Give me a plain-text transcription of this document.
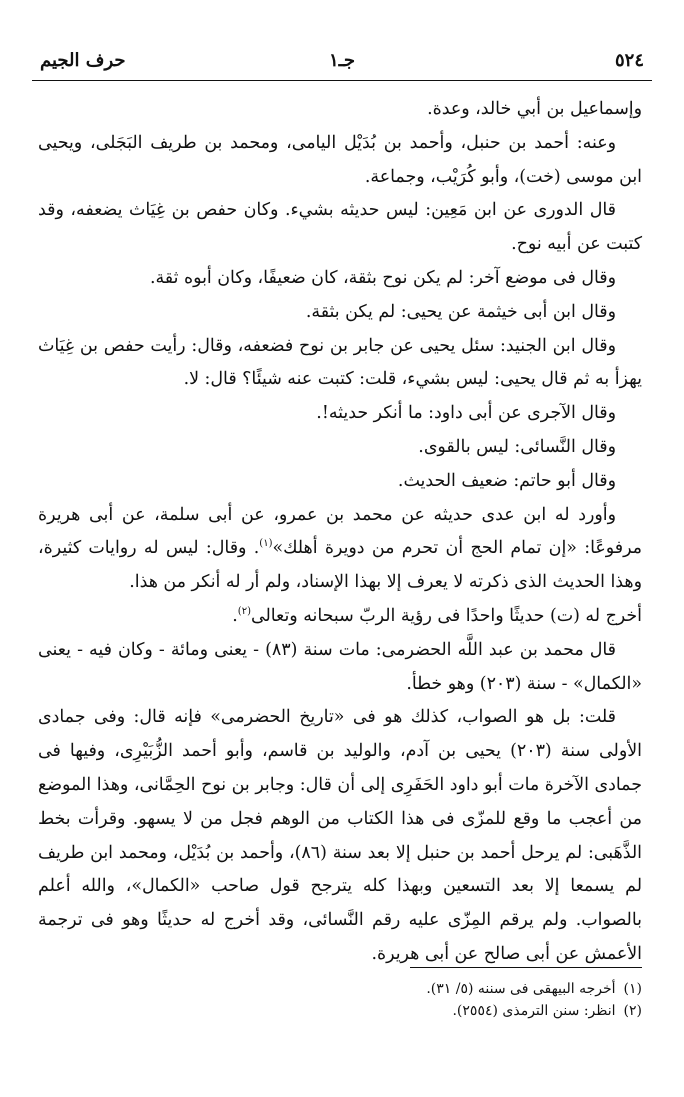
٥٢٤
جـ١
حرف الجيم

وإسماعيل بن أبي خالد، وعدة.

وعنه: أحمد بن حنبل، وأحمد بن بُدَيْل اليامى، ومحمد بن طريف البَجَلى، ويحيى ابن موسى (خت)، وأبو كُرَيْب، وجماعة.

قال الدورى عن ابن مَعِين: ليس حديثه بشيء. وكان حفص بن غِيَاث يضعفه، وقد كتبت عن أبيه نوح.

وقال فى موضع آخر: لم يكن نوح بثقة، كان ضعيفًا، وكان أبوه ثقة.

وقال ابن أبى خيثمة عن يحيى: لم يكن بثقة.

وقال ابن الجنيد: سئل يحيى عن جابر بن نوح فضعفه، وقال: رأيت حفص بن غِيَاث يهزأ به ثم قال يحيى: ليس بشيء، قلت: كتبت عنه شيئًا؟ قال: لا.

وقال الآجرى عن أبى داود: ما أنكر حديثه!.

وقال النَّسائى: ليس بالقوى.

وقال أبو حاتم: ضعيف الحديث.

وأورد له ابن عدى حديثه عن محمد بن عمرو، عن أبى سلمة، عن أبى هريرة مرفوعًا: «إن تمام الحج أن تحرم من دويرة أهلك»$^{(١)}$. وقال: ليس له روايات كثيرة، وهذا الحديث الذى ذكرته لا يعرف إلا بهذا الإسناد، ولم أر له أنكر من هذا.

أخرج له (ت) حديثًا واحدًا فى رؤية الربّ سبحانه وتعالى$^{(٢)}$.

قال محمد بن عبد اللَّه الحضرمى: مات سنة (٨٣) - يعنى ومائة - وكان فيه - يعنى «الكمال» - سنة (٢٠٣) وهو خطأ.

قلت: بل هو الصواب، كذلك هو فى «تاريخ الحضرمى» فإنه قال: وفى جمادى الأولى سنة (٢٠٣) يحيى بن آدم، والوليد بن قاسم، وأبو أحمد الزُّبَيْرِى، وفيها فى جمادى الآخرة مات أبو داود الحَفَرِى إلى أن قال: وجابر بن نوح الحِمَّانى، وهذا الموضع من أعجب ما وقع للمزّى فى هذا الكتاب من الوهم فجل من لا يسهو. وقرأت بخط الذَّهَبى: لم يرحل أحمد بن حنبل إلا بعد سنة (٨٦)، وأحمد بن بُدَيْل، ومحمد ابن طريف لم يسمعا إلا بعد التسعين وبهذا كله يترجح قول صاحب «الكمال»، والله أعلم بالصواب. ولم يرقم المِزّى عليه رقم النَّسائى، وقد أخرج له حديثًا وهو فى ترجمة الأعمش عن أبى صالح عن أبى هريرة.

(١)أخرجه البيهقى فى سننه (٥/ ٣١).

(٢)انظر: سنن الترمذى (٢٥٥٤).
